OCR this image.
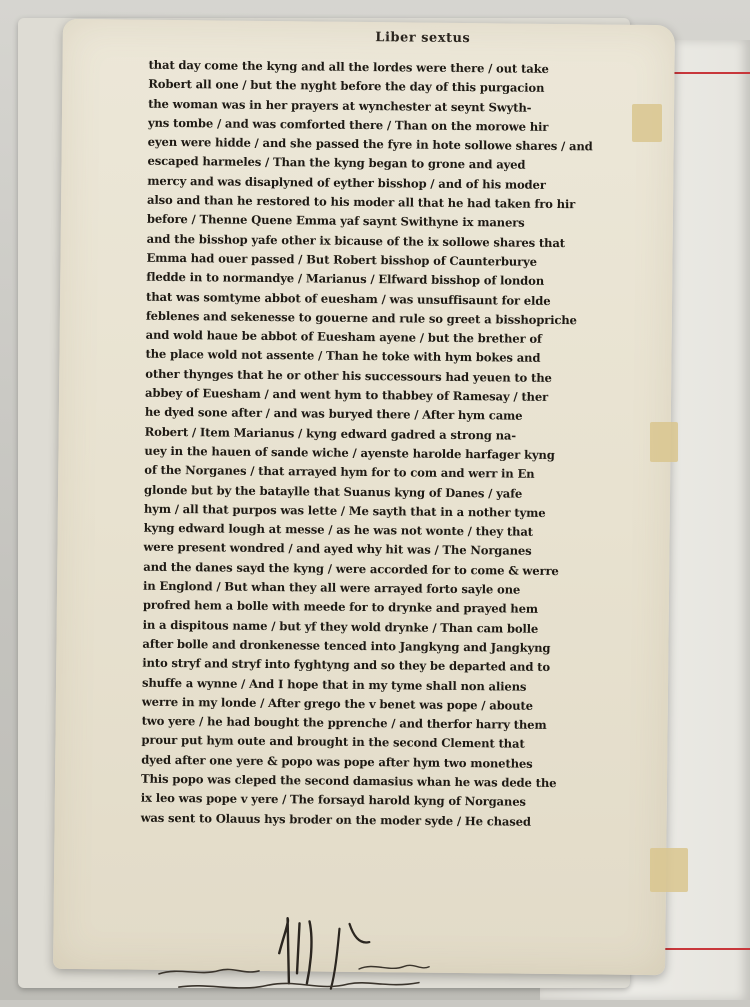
Liber sextus
that day come the kyng and all the lordes were there / out take
Robert all one / but the nyght before the day of this purgacion
the woman was in her prayers at wynchester at seynt Swyth-
yns tombe / and was comforted there / Than on the morowe hir
eyen were hidde / and she passed the fyre in hote sollowe shares / and
escaped harmeles / Than the kyng began to grone and ayed
mercy and was disaplyned of eyther bisshop / and of his moder
also and than he restored to his moder all that he had taken fro hir
before / Thenne Quene Emma yaf saynt Swithyne ix maners
and the bisshop yafe other ix bicause of the ix sollowe shares that
Emma had ouer passed / But Robert bisshop of Caunterburye
fledde in to normandye / Marianus / Elfward bisshop of london
that was somtyme abbot of euesham / was unsuffisaunt for elde
feblenes and sekenesse to gouerne and rule so greet a bisshopriche
and wold haue be abbot of Euesham ayene / but the brether of
the place wold not assente / Than he toke with hym bokes and
other thynges that he or other his successours had yeuen to the
abbey of Euesham / and went hym to thabbey of Ramesay / ther
he dyed sone after / and was buryed there / After hym came
Robert / Item Marianus / kyng edward gadred a strong na-
uey in the hauen of sande wiche / ayenste harolde harfager kyng
of the Norganes / that arrayed hym for to com and werr in En
glonde but by the bataylle that Suanus kyng of Danes / yafe
hym / all that purpos was lette / Me sayth that in a nother tyme
kyng edward lough at messe / as he was not wonte / they that
were present wondred / and ayed why hit was / The Norganes
and the danes sayd the kyng / were accorded for to come & werre
in Englond / But whan they all were arrayed forto sayle one
profred hem a bolle with meede for to drynke and prayed hem
in a dispitous name / but yf they wold drynke / Than cam bolle
after bolle and dronkenesse tenced into Jangkyng and Jangkyng
into stryf and stryf into fyghtyng and so they be departed and to
shuffe a wynne / And I hope that in my tyme shall non aliens
werre in my londe / After grego the v benet was pope / aboute
two yere / he had bought the pprenche / and therfor harry them
prour put hym oute and brought in the second Clement that
dyed after one yere & popo was pope after hym two monethes
This popo was cleped the second damasius whan he was dede the
ix leo was pope v yere / The forsayd harold kyng of Norganes
was sent to Olauus hys broder on the moder syde / He chased
